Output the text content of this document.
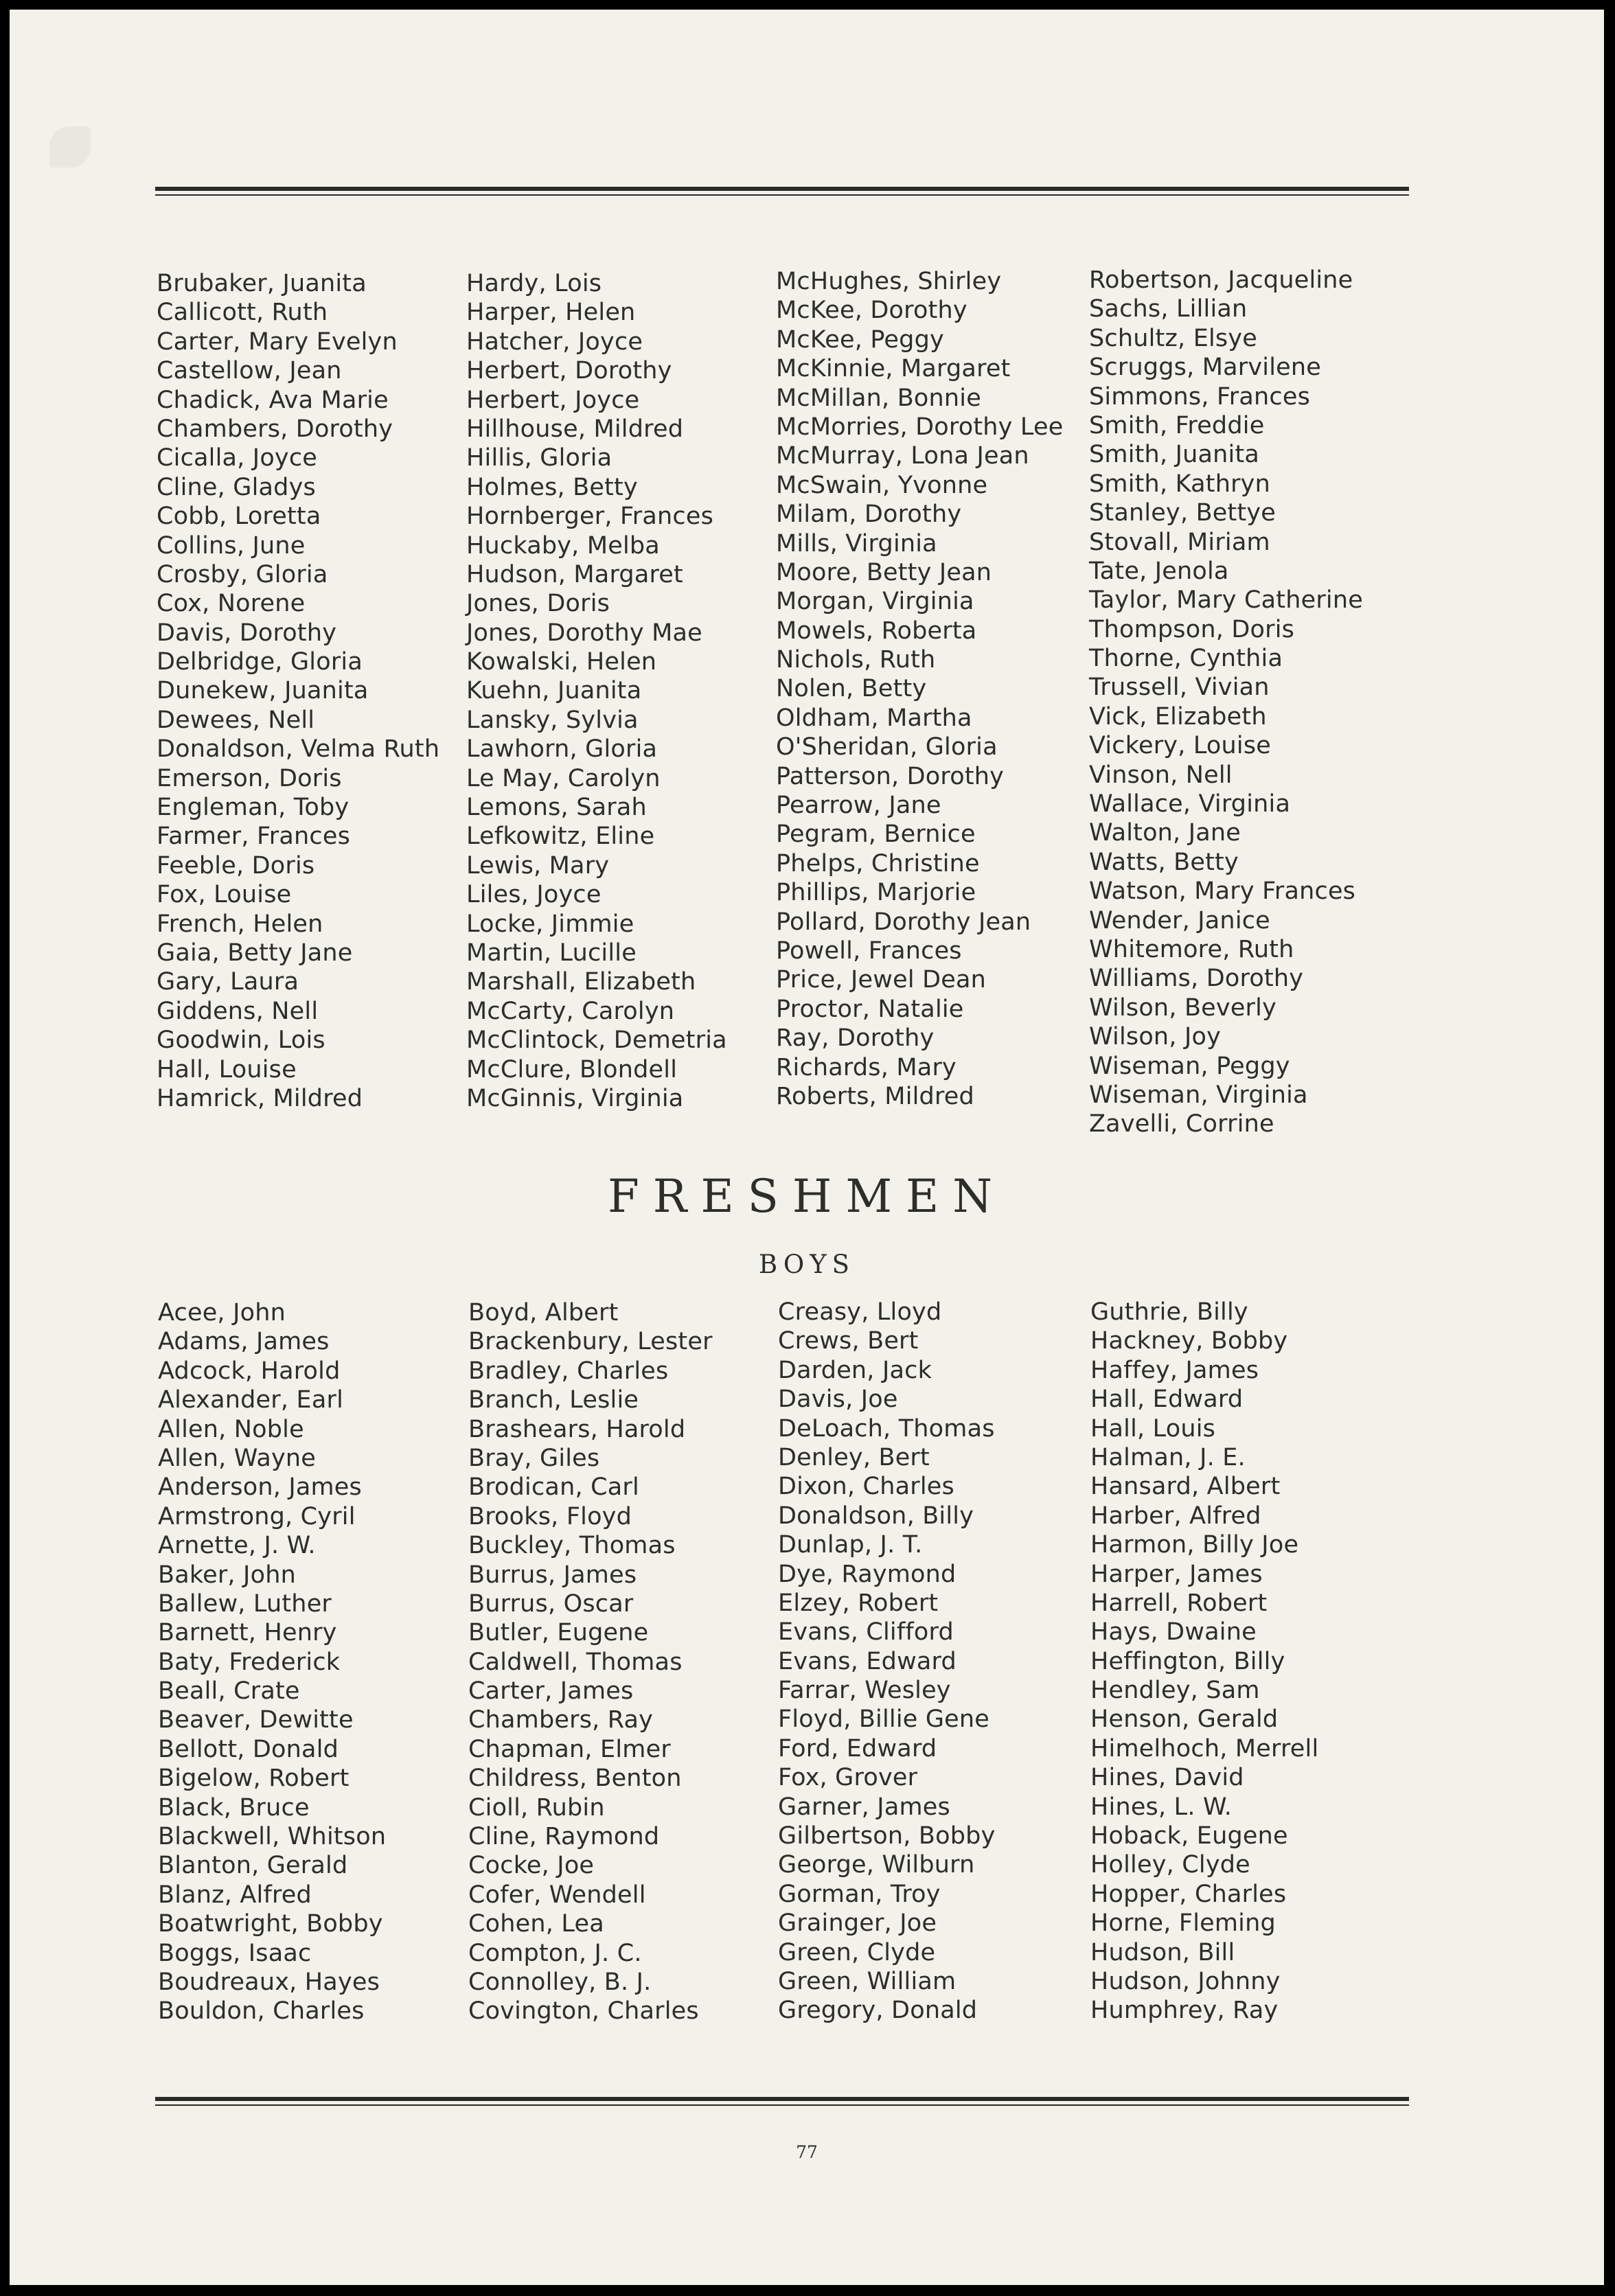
Brubaker, Juanita
Callicott, Ruth
Carter, Mary Evelyn
Castellow, Jean
Chadick, Ava Marie
Chambers, Dorothy
Cicalla, Joyce
Cline, Gladys
Cobb, Loretta
Collins, June
Crosby, Gloria
Cox, Norene
Davis, Dorothy
Delbridge, Gloria
Dunekew, Juanita
Dewees, Nell
Donaldson, Velma Ruth
Emerson, Doris
Engleman, Toby
Farmer, Frances
Feeble, Doris
Fox, Louise
French, Helen
Gaia, Betty Jane
Gary, Laura
Giddens, Nell
Goodwin, Lois
Hall, Louise
Hamrick, Mildred
Hardy, Lois
Harper, Helen
Hatcher, Joyce
Herbert, Dorothy
Herbert, Joyce
Hillhouse, Mildred
Hillis, Gloria
Holmes, Betty
Hornberger, Frances
Huckaby, Melba
Hudson, Margaret
Jones, Doris
Jones, Dorothy Mae
Kowalski, Helen
Kuehn, Juanita
Lansky, Sylvia
Lawhorn, Gloria
Le May, Carolyn
Lemons, Sarah
Lefkowitz, Eline
Lewis, Mary
Liles, Joyce
Locke, Jimmie
Martin, Lucille
Marshall, Elizabeth
McCarty, Carolyn
McClintock, Demetria
McClure, Blondell
McGinnis, Virginia
McHughes, Shirley
McKee, Dorothy
McKee, Peggy
McKinnie, Margaret
McMillan, Bonnie
McMorries, Dorothy Lee
McMurray, Lona Jean
McSwain, Yvonne
Milam, Dorothy
Mills, Virginia
Moore, Betty Jean
Morgan, Virginia
Mowels, Roberta
Nichols, Ruth
Nolen, Betty
Oldham, Martha
O'Sheridan, Gloria
Patterson, Dorothy
Pearrow, Jane
Pegram, Bernice
Phelps, Christine
Phillips, Marjorie
Pollard, Dorothy Jean
Powell, Frances
Price, Jewel Dean
Proctor, Natalie
Ray, Dorothy
Richards, Mary
Roberts, Mildred
Robertson, Jacqueline
Sachs, Lillian
Schultz, Elsye
Scruggs, Marvilene
Simmons, Frances
Smith, Freddie
Smith, Juanita
Smith, Kathryn
Stanley, Bettye
Stovall, Miriam
Tate, Jenola
Taylor, Mary Catherine
Thompson, Doris
Thorne, Cynthia
Trussell, Vivian
Vick, Elizabeth
Vickery, Louise
Vinson, Nell
Wallace, Virginia
Walton, Jane
Watts, Betty
Watson, Mary Frances
Wender, Janice
Whitemore, Ruth
Williams, Dorothy
Wilson, Beverly
Wilson, Joy
Wiseman, Peggy
Wiseman, Virginia
Zavelli, Corrine
FRESHMEN
BOYS
Acee, John
Adams, James
Adcock, Harold
Alexander, Earl
Allen, Noble
Allen, Wayne
Anderson, James
Armstrong, Cyril
Arnette, J. W.
Baker, John
Ballew, Luther
Barnett, Henry
Baty, Frederick
Beall, Crate
Beaver, Dewitte
Bellott, Donald
Bigelow, Robert
Black, Bruce
Blackwell, Whitson
Blanton, Gerald
Blanz, Alfred
Boatwright, Bobby
Boggs, Isaac
Boudreaux, Hayes
Bouldon, Charles
Boyd, Albert
Brackenbury, Lester
Bradley, Charles
Branch, Leslie
Brashears, Harold
Bray, Giles
Brodican, Carl
Brooks, Floyd
Buckley, Thomas
Burrus, James
Burrus, Oscar
Butler, Eugene
Caldwell, Thomas
Carter, James
Chambers, Ray
Chapman, Elmer
Childress, Benton
Cioll, Rubin
Cline, Raymond
Cocke, Joe
Cofer, Wendell
Cohen, Lea
Compton, J. C.
Connolley, B. J.
Covington, Charles
Creasy, Lloyd
Crews, Bert
Darden, Jack
Davis, Joe
DeLoach, Thomas
Denley, Bert
Dixon, Charles
Donaldson, Billy
Dunlap, J. T.
Dye, Raymond
Elzey, Robert
Evans, Clifford
Evans, Edward
Farrar, Wesley
Floyd, Billie Gene
Ford, Edward
Fox, Grover
Garner, James
Gilbertson, Bobby
George, Wilburn
Gorman, Troy
Grainger, Joe
Green, Clyde
Green, William
Gregory, Donald
Guthrie, Billy
Hackney, Bobby
Haffey, James
Hall, Edward
Hall, Louis
Halman, J. E.
Hansard, Albert
Harber, Alfred
Harmon, Billy Joe
Harper, James
Harrell, Robert
Hays, Dwaine
Heffington, Billy
Hendley, Sam
Henson, Gerald
Himelhoch, Merrell
Hines, David
Hines, L. W.
Hoback, Eugene
Holley, Clyde
Hopper, Charles
Horne, Fleming
Hudson, Bill
Hudson, Johnny
Humphrey, Ray
77
